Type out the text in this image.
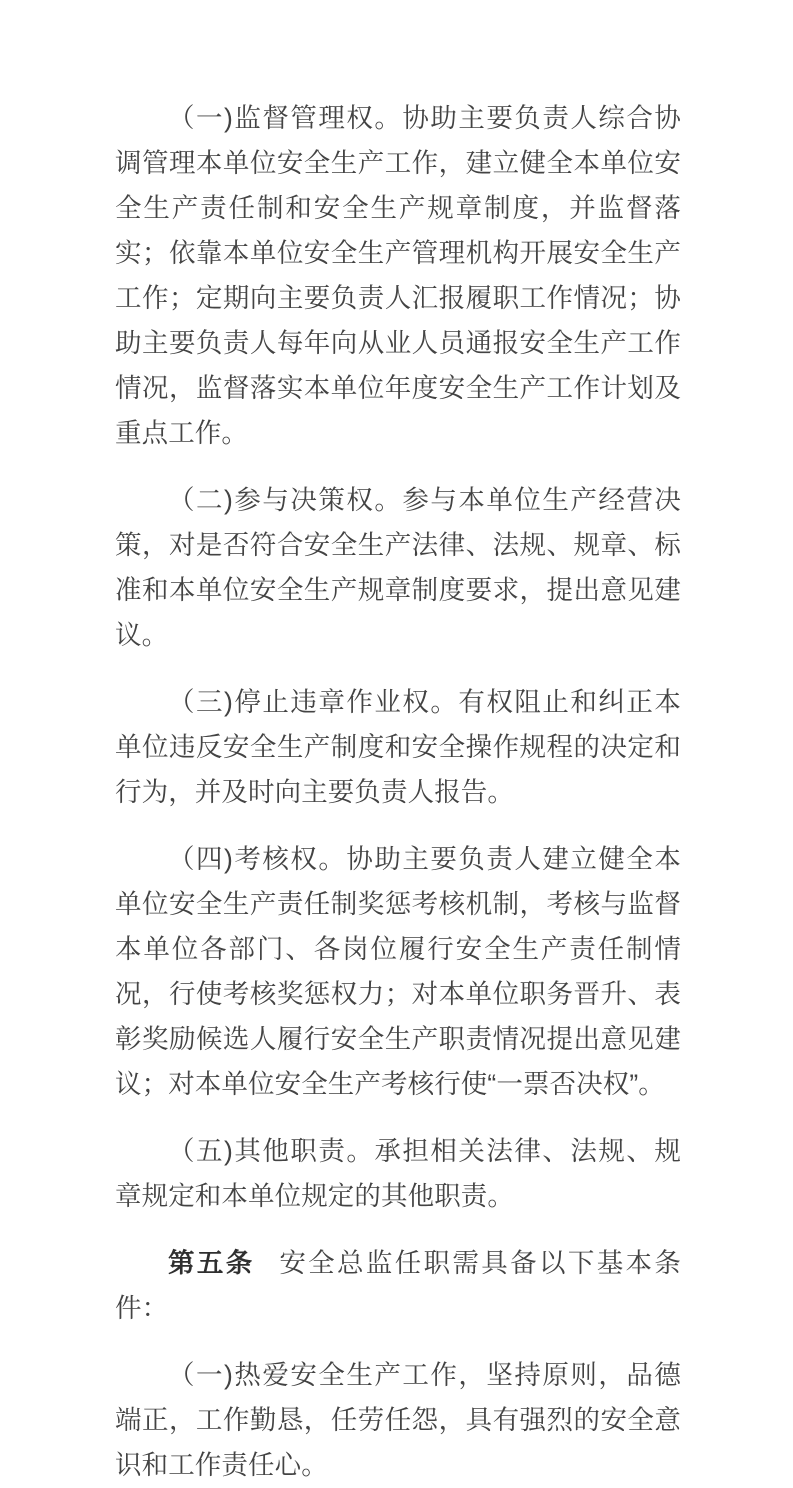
（一)监督管理权。协助主要负责人综合协调管理本单位安全生产工作，建立健全本单位安全生产责任制和安全生产规章制度，并监督落实；依靠本单位安全生产管理机构开展安全生产工作；定期向主要负责人汇报履职工作情况；协助主要负责人每年向从业人员通报安全生产工作情况，监督落实本单位年度安全生产工作计划及重点工作。

（二)参与决策权。参与本单位生产经营决策，对是否符合安全生产法律、法规、规章、标准和本单位安全生产规章制度要求，提出意见建议。

（三)停止违章作业权。有权阻止和纠正本单位违反安全生产制度和安全操作规程的决定和行为，并及时向主要负责人报告。

（四)考核权。协助主要负责人建立健全本单位安全生产责任制奖惩考核机制，考核与监督本单位各部门、各岗位履行安全生产责任制情况，行使考核奖惩权力；对本单位职务晋升、表彰奖励候选人履行安全生产职责情况提出意见建议；对本单位安全生产考核行使“一票否决权”。

（五)其他职责。承担相关法律、法规、规章规定和本单位规定的其他职责。

第五条 安全总监任职需具备以下基本条件：

（一)热爱安全生产工作，坚持原则，品德端正，工作勤恳，任劳任怨，具有强烈的安全意识和工作责任心。
